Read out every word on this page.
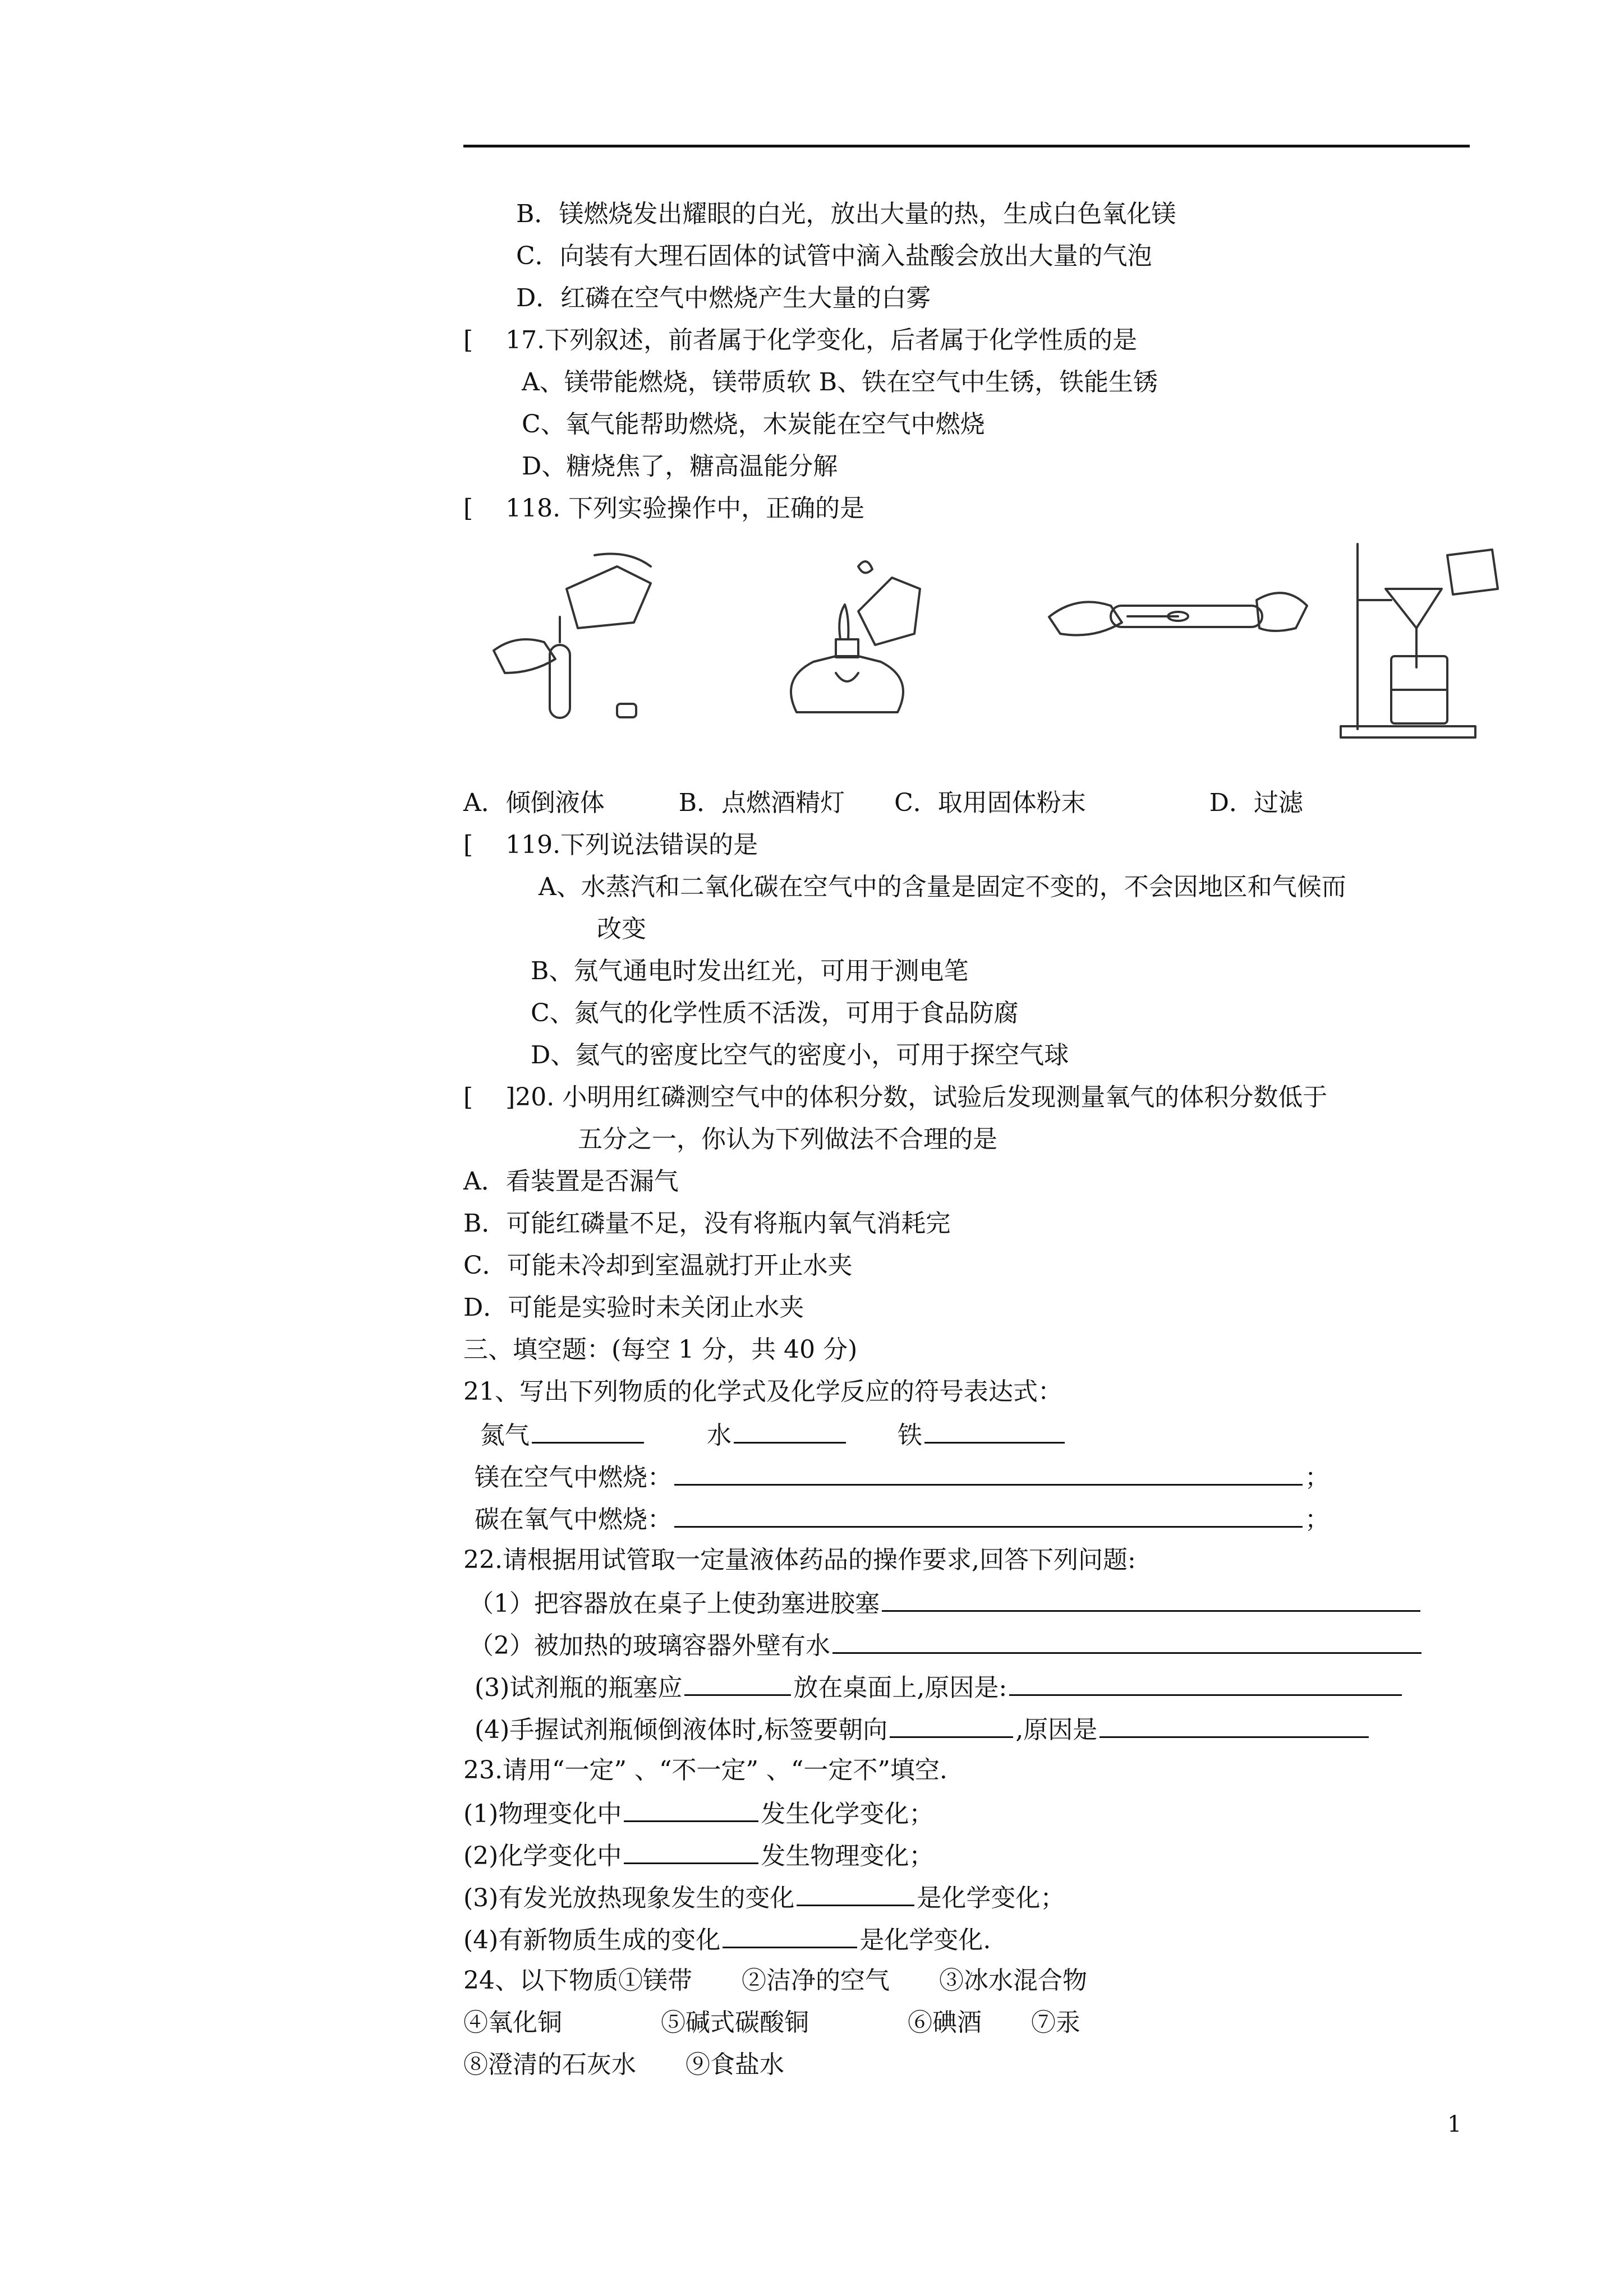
B．镁燃烧发出耀眼的白光，放出大量的热，生成白色氧化镁
C．向装有大理石固体的试管中滴入盐酸会放出大量的气泡
D．红磷在空气中燃烧产生大量的白雾
[　 17.下列叙述，前者属于化学变化，后者属于化学性质的是
A、镁带能燃烧，镁带质软 B、铁在空气中生锈，铁能生锈
C、氧气能帮助燃烧，木炭能在空气中燃烧
D、糖烧焦了，糖高温能分解
[　 118. 下列实验操作中，正确的是
A．倾倒液体　　　B．点燃酒精灯　　C．取用固体粉末　　　　　D．过滤
[　 119.下列说法错误的是
A、水蒸汽和二氧化碳在空气中的含量是固定不变的，不会因地区和气候而
改变
B、氖气通电时发出红光，可用于测电笔
C、氮气的化学性质不活泼，可用于食品防腐
D、氦气的密度比空气的密度小，可用于探空气球
[　 ]20. 小明用红磷测空气中的体积分数，试验后发现测量氧气的体积分数低于
五分之一，你认为下列做法不合理的是
A．看装置是否漏气
B．可能红磷量不足，没有将瓶内氧气消耗完
C．可能未冷却到室温就打开止水夹
D．可能是实验时未关闭止水夹
三、填空题：(每空 1 分，共 40 分)
21、写出下列物质的化学式及化学反应的符号表达式：
氮气	水	铁
镁在空气中燃烧：	；
碳在氧气中燃烧：	；
22.请根据用试管取一定量液体药品的操作要求,回答下列问题:
（1）把容器放在桌子上使劲塞进胶塞
（2）被加热的玻璃容器外壁有水
(3)试剂瓶的瓶塞应	放在桌面上,原因是:
(4)手握试剂瓶倾倒液体时,标签要朝向	,原因是
23.请用“一定” 、“不一定” 、“一定不”填空.
(1)物理变化中	发生化学变化；
(2)化学变化中	发生物理变化；
(3)有发光放热现象发生的变化	是化学变化；
(4)有新物质生成的变化	是化学变化.
24、以下物质①镁带　　②洁净的空气　　③冰水混合物
④氧化铜　　　　⑤碱式碳酸铜　　　　⑥碘酒　　⑦汞
⑧澄清的石灰水　　⑨食盐水
1
